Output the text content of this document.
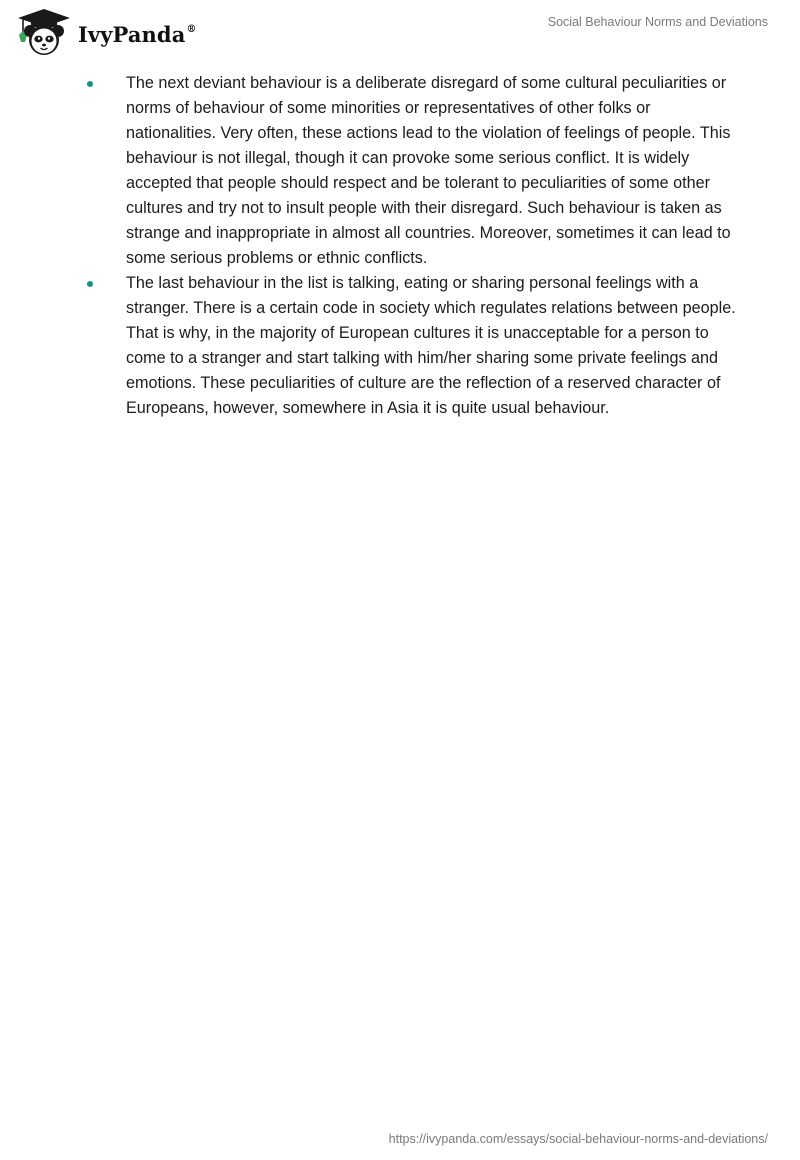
IvyPanda®	Social Behaviour Norms and Deviations
The next deviant behaviour is a deliberate disregard of some cultural peculiarities or norms of behaviour of some minorities or representatives of other folks or nationalities. Very often, these actions lead to the violation of feelings of people. This behaviour is not illegal, though it can provoke some serious conflict. It is widely accepted that people should respect and be tolerant to peculiarities of some other cultures and try not to insult people with their disregard. Such behaviour is taken as strange and inappropriate in almost all countries. Moreover, sometimes it can lead to some serious problems or ethnic conflicts.
The last behaviour in the list is talking, eating or sharing personal feelings with a stranger. There is a certain code in society which regulates relations between people. That is why, in the majority of European cultures it is unacceptable for a person to come to a stranger and start talking with him/her sharing some private feelings and emotions. These peculiarities of culture are the reflection of a reserved character of Europeans, however, somewhere in Asia it is quite usual behaviour.
https://ivypanda.com/essays/social-behaviour-norms-and-deviations/
